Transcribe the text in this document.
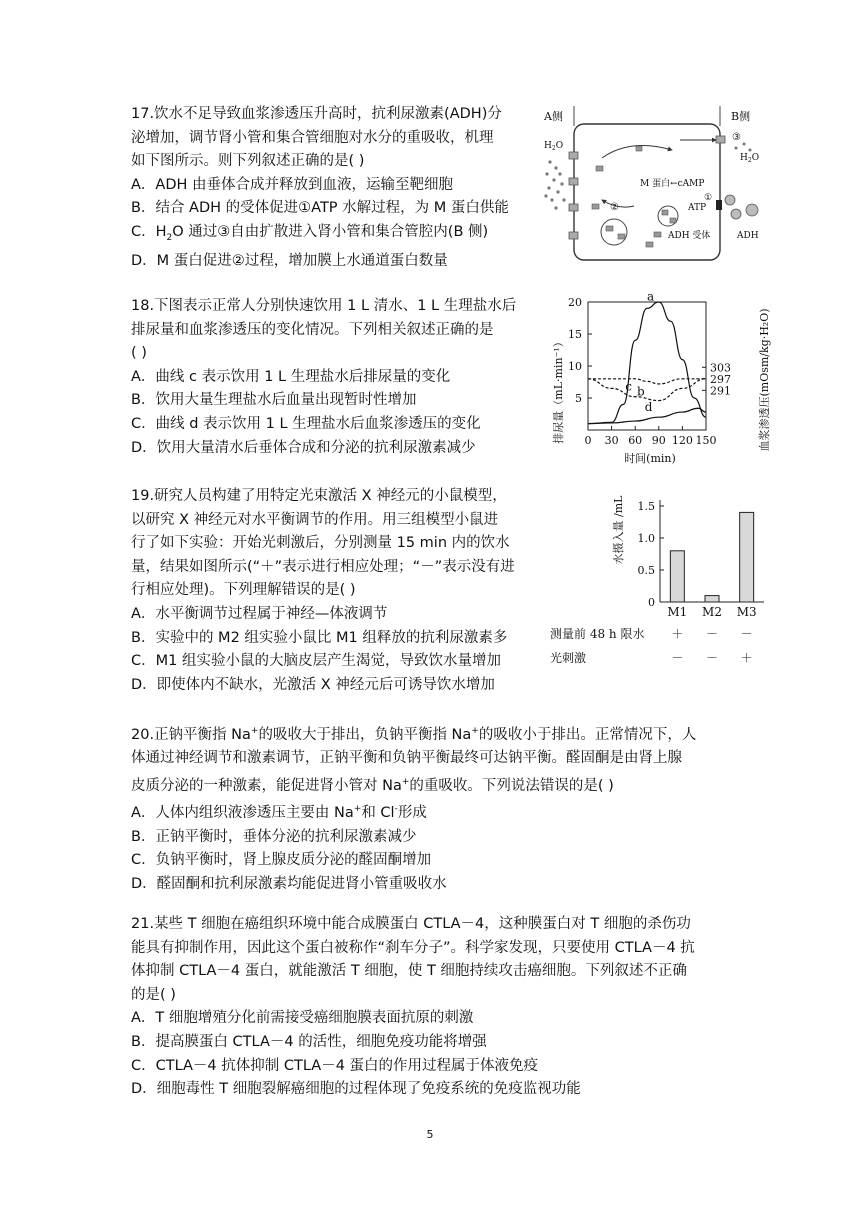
17.饮水不足导致血浆渗透压升高时，抗利尿激素(ADH)分

泌增加，调节肾小管和集合管细胞对水分的重吸收，机理

如下图所示。则下列叙述正确的是( )

A．ADH 由垂体合成并释放到血液，运输至靶细胞

B．结合 ADH 的受体促进①ATP 水解过程，为 M 蛋白供能

C．$H_2O$ 通过③自由扩散进入肾小管和集合管腔内(B 侧)

D．M 蛋白促进②过程，增加膜上水通道蛋白数量

A侧	B侧
$H_2O$
②
M 蛋白←cAMP
ATP
①
ADH 受体	ADH
③
$H_2O$

18.下图表示正常人分别快速饮用 1 L 清水、1 L 生理盐水后

排尿量和血浆渗透压的变化情况。下列相关叙述正确的是

( )

A．曲线 c 表示饮用 1 L 生理盐水后排尿量的变化

B．饮用大量生理盐水后血量出现暂时性增加

C．曲线 d 表示饮用 1 L 生理盐水后血浆渗透压的变化

D．饮用大量清水后垂体合成和分泌的抗利尿激素减少

排尿量（mL·min⁻¹）	血浆渗透压(mOsm/kg·H₂O)
时间(min)
5
10
15
20
0 30 60 90 120 150
303
297
291
a
b
c
d

19.研究人员构建了用特定光束激活 X 神经元的小鼠模型，

以研究 X 神经元对水平衡调节的作用。用三组模型小鼠进

行了如下实验：开始光刺激后，分别测量 15 min 内的饮水

量，结果如图所示(“＋”表示进行相应处理；“－”表示没有进

行相应处理)。下列理解错误的是( )

A．水平衡调节过程属于神经—体液调节

B．实验中的 M2 组实验小鼠比 M1 组释放的抗利尿激素多

C．M1 组实验小鼠的大脑皮层产生渴觉，导致饮水量增加

D．即使体内不缺水，光激活 X 神经元后可诱导饮水增加

水摄入量 /mL
0
0.5
1.0
1.5
M1 M2 M3
测量前 48 h 限水 ＋ － －
光刺激	－ － ＋

20.正钠平衡指 Na+的吸收大于排出，负钠平衡指 Na+的吸收小于排出。正常情况下，人

体通过神经调节和激素调节，正钠平衡和负钠平衡最终可达钠平衡。醛固酮是由肾上腺

皮质分泌的一种激素，能促进肾小管对 Na+的重吸收。下列说法错误的是( )

A．人体内组织液渗透压主要由 Na+和 Cl-形成

B．正钠平衡时，垂体分泌的抗利尿激素减少

C．负钠平衡时，肾上腺皮质分泌的醛固酮增加

D．醛固酮和抗利尿激素均能促进肾小管重吸收水

21.某些 T 细胞在癌组织环境中能合成膜蛋白 CTLA－4，这种膜蛋白对 T 细胞的杀伤功

能具有抑制作用，因此这个蛋白被称作“刹车分子”。科学家发现，只要使用 CTLA－4 抗

体抑制 CTLA－4 蛋白，就能激活 T 细胞，使 T 细胞持续攻击癌细胞。下列叙述不正确

的是( )

A．T 细胞增殖分化前需接受癌细胞膜表面抗原的刺激

B．提高膜蛋白 CTLA－4 的活性，细胞免疫功能将增强

C．CTLA－4 抗体抑制 CTLA－4 蛋白的作用过程属于体液免疫

D．细胞毒性 T 细胞裂解癌细胞的过程体现了免疫系统的免疫监视功能

5
